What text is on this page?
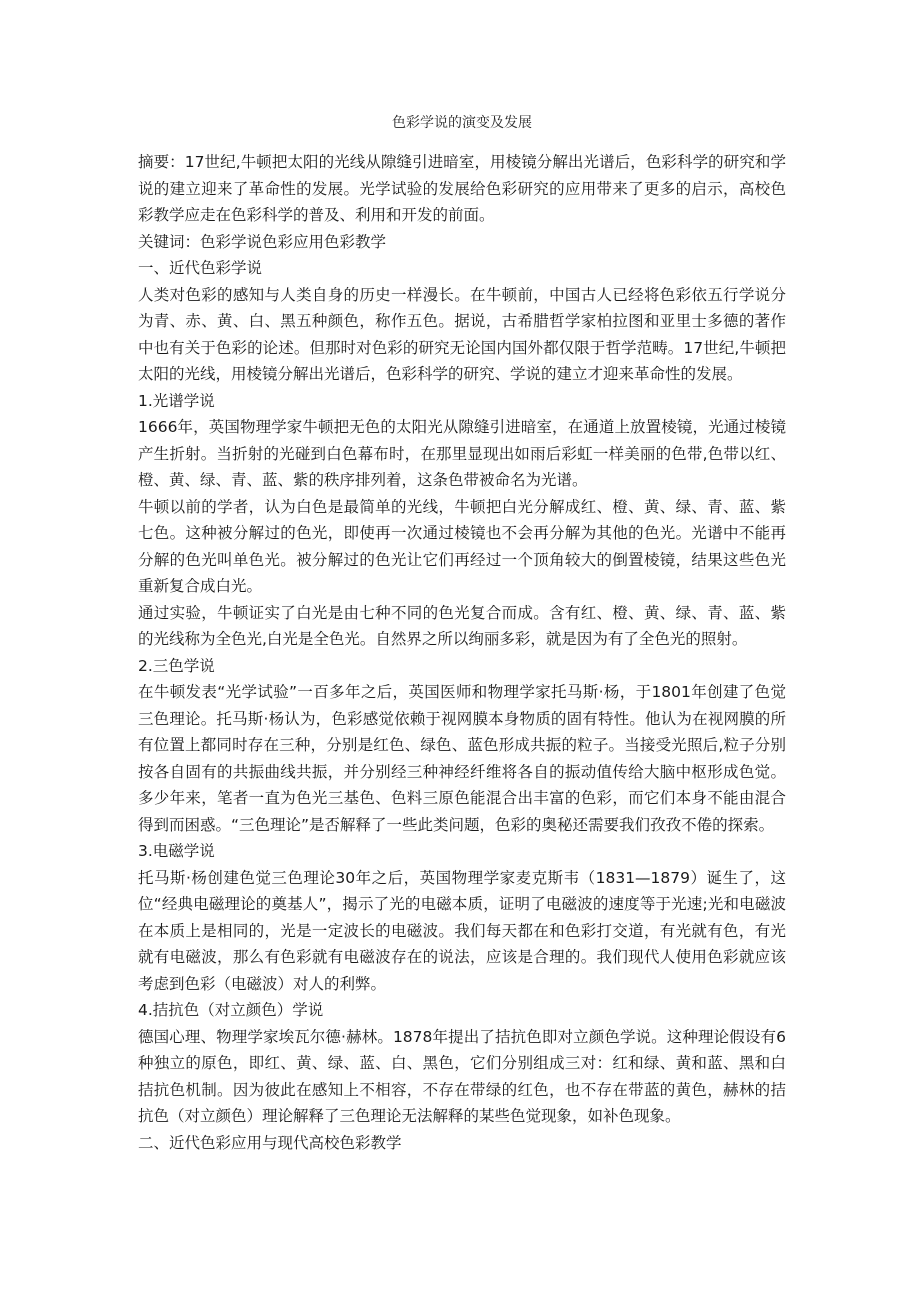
色彩学说的演变及发展

摘要：17世纪,牛顿把太阳的光线从隙缝引进暗室，用棱镜分解出光谱后，色彩科学的研究和学说的建立迎来了革命性的发展。光学试验的发展给色彩研究的应用带来了更多的启示，高校色彩教学应走在色彩科学的普及、利用和开发的前面。

关键词：色彩学说色彩应用色彩教学

一、近代色彩学说

人类对色彩的感知与人类自身的历史一样漫长。在牛顿前，中国古人已经将色彩依五行学说分为青、赤、黄、白、黑五种颜色，称作五色。据说，古希腊哲学家柏拉图和亚里士多德的著作中也有关于色彩的论述。但那时对色彩的研究无论国内国外都仅限于哲学范畴。17世纪,牛顿把太阳的光线，用棱镜分解出光谱后，色彩科学的研究、学说的建立才迎来革命性的发展。

1.光谱学说

1666年，英国物理学家牛顿把无色的太阳光从隙缝引进暗室，在通道上放置棱镜，光通过棱镜产生折射。当折射的光碰到白色幕布时，在那里显现出如雨后彩虹一样美丽的色带,色带以红、橙、黄、绿、青、蓝、紫的秩序排列着，这条色带被命名为光谱。

牛顿以前的学者，认为白色是最简单的光线，牛顿把白光分解成红、橙、黄、绿、青、蓝、紫七色。这种被分解过的色光，即使再一次通过棱镜也不会再分解为其他的色光。光谱中不能再分解的色光叫单色光。被分解过的色光让它们再经过一个顶角较大的倒置棱镜，结果这些色光重新复合成白光。

通过实验，牛顿证实了白光是由七种不同的色光复合而成。含有红、橙、黄、绿、青、蓝、紫的光线称为全色光,白光是全色光。自然界之所以绚丽多彩，就是因为有了全色光的照射。

2.三色学说

在牛顿发表“光学试验”一百多年之后，英国医师和物理学家托马斯·杨，于1801年创建了色觉三色理论。托马斯·杨认为，色彩感觉依赖于视网膜本身物质的固有特性。他认为在视网膜的所有位置上都同时存在三种，分别是红色、绿色、蓝色形成共振的粒子。当接受光照后,粒子分别按各自固有的共振曲线共振，并分别经三种神经纤维将各自的振动值传给大脑中枢形成色觉。多少年来，笔者一直为色光三基色、色料三原色能混合出丰富的色彩，而它们本身不能由混合得到而困惑。“三色理论”是否解释了一些此类问题，色彩的奥秘还需要我们孜孜不倦的探索。

3.电磁学说

托马斯·杨创建色觉三色理论30年之后，英国物理学家麦克斯韦（1831—1879）诞生了，这位“经典电磁理论的奠基人”，揭示了光的电磁本质，证明了电磁波的速度等于光速;光和电磁波在本质上是相同的，光是一定波长的电磁波。我们每天都在和色彩打交道，有光就有色，有光就有电磁波，那么有色彩就有电磁波存在的说法，应该是合理的。我们现代人使用色彩就应该考虑到色彩（电磁波）对人的利弊。

4.拮抗色（对立颜色）学说

德国心理、物理学家埃瓦尔德·赫林。1878年提出了拮抗色即对立颜色学说。这种理论假设有6种独立的原色，即红、黄、绿、蓝、白、黑色，它们分别组成三对：红和绿、黄和蓝、黑和白拮抗色机制。因为彼此在感知上不相容，不存在带绿的红色，也不存在带蓝的黄色，赫林的拮抗色（对立颜色）理论解释了三色理论无法解释的某些色觉现象，如补色现象。

二、近代色彩应用与现代高校色彩教学
